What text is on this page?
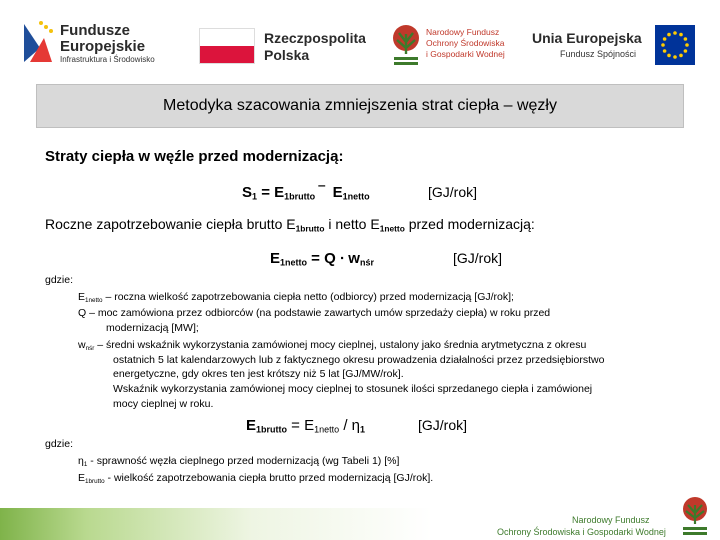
Fundusze
Europejskie
Infrastruktura i Środowisko
Rzeczpospolita
Polska
Narodowy Fundusz
Ochrony Środowiska
i Gospodarki Wodnej
Unia Europejska
Fundusz Spójności
Metodyka szacowania zmniejszenia strat ciepła – węzły
Straty ciepła w węźle przed modernizacją:
$S_1 = E_{1brutto}$ ‾  $E_{1netto}$	[GJ/rok]
Roczne zapotrzebowanie ciepła brutto $E_{1brutto}$ i netto $E_{1netto}$ przed modernizacją:
$E_{1netto} = Q \cdot w_{nśr}$	[GJ/rok]
gdzie:
$E_{1netto}$ – roczna wielkość zapotrzebowania ciepła netto (odbiorcy) przed modernizacją [GJ/rok];
Q – moc zamówiona przez odbiorców (na podstawie zawartych umów sprzedaży ciepła) w roku przed
modernizacją [MW];
$w_{nśr}$ – średni wskaźnik wykorzystania zamówionej mocy cieplnej, ustalony jako średnia arytmetyczna z okresu
ostatnich 5 lat kalendarzowych lub z faktycznego okresu prowadzenia działalności przez przedsiębiorstwo
energetyczne, gdy okres ten jest krótszy niż 5 lat [GJ/MW/rok].
Wskaźnik wykorzystania zamówionej mocy cieplnej to stosunek ilości sprzedanego ciepła i zamówionej
mocy cieplnej w roku.
$E_{1brutto} = E_{1netto} / \eta_1$	[GJ/rok]
gdzie:
$\eta_1$ - sprawność węzła cieplnego przed modernizacją (wg Tabeli 1) [%]
$E_{1brutto}$ - wielkość zapotrzebowania ciepła brutto przed modernizacją [GJ/rok].
Narodowy Fundusz
Ochrony Środowiska i Gospodarki Wodnej
